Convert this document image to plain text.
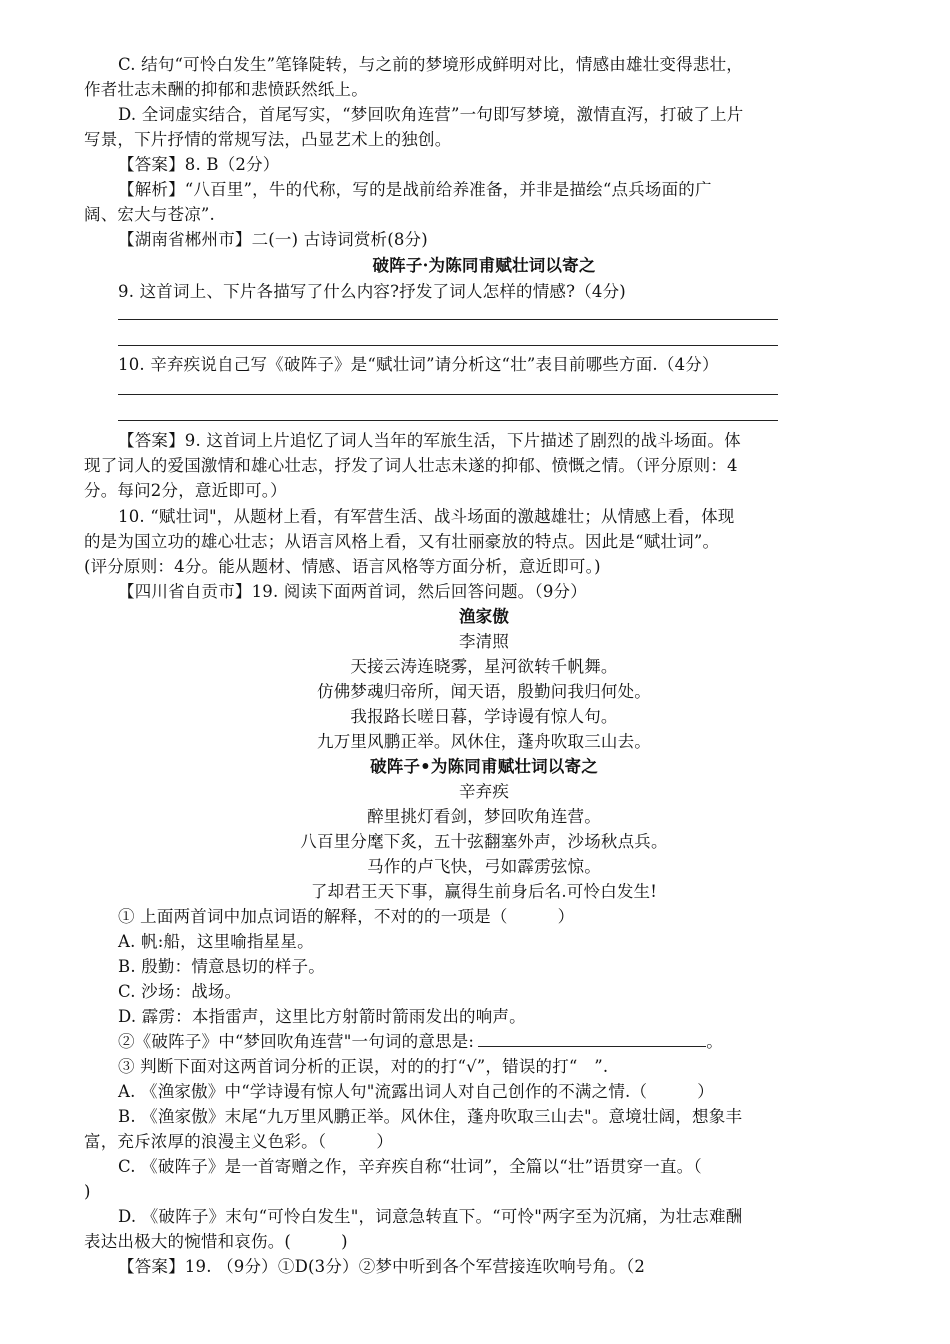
C. 结句“可怜白发生”笔锋陡转，与之前的梦境形成鲜明对比，情感由雄壮变得悲壮，
作者壮志未酬的抑郁和悲愤跃然纸上。
D. 全词虚实结合，首尾写实，“梦回吹角连营”一句即写梦境，激情直泻，打破了上片
写景，下片抒情的常规写法，凸显艺术上的独创。
【答案】8. B（2分）
【解析】“八百里”，牛的代称，写的是战前给养准备，并非是描绘“点兵场面的广
阔、宏大与苍凉”.
【湖南省郴州市】二(一) 古诗词赏析(8分)
破阵子·为陈同甫赋壮词以寄之
9. 这首词上、下片各描写了什么内容?抒发了词人怎样的情感?（4分)
10. 辛弃疾说自己写《破阵子》是“赋壮词”请分析这“壮”表目前哪些方面.（4分）
【答案】9. 这首词上片追忆了词人当年的军旅生活，下片描述了剧烈的战斗场面。体
现了词人的爱国激情和雄心壮志，抒发了词人壮志未遂的抑郁、愤慨之情。（评分原则：4
分。每问2分，意近即可。）
10. “赋壮词"，从题材上看，有军营生活、战斗场面的激越雄壮；从情感上看，体现
的是为国立功的雄心壮志；从语言风格上看，又有壮丽豪放的特点。因此是“赋壮词”。
(评分原则：4分。能从题材、情感、语言风格等方面分析，意近即可。)
【四川省自贡市】19. 阅读下面两首词，然后回答问题。（9分）
渔家傲
李清照
天接云涛连晓雾，星河欲转千帆舞。
仿佛梦魂归帝所，闻天语，殷勤问我归何处。
我报路长嗟日暮，学诗谩有惊人句。
九万里风鹏正举。风休住，蓬舟吹取三山去。
破阵子•为陈同甫赋壮词以寄之
辛弃疾
醉里挑灯看剑，梦回吹角连营。
八百里分麾下炙，五十弦翻塞外声，沙场秋点兵。
马作的卢飞快，弓如霹雳弦惊。
了却君王天下事，赢得生前身后名.可怜白发生!
① 上面两首词中加点词语的解释，不对的的一项是（　　　）
A. 帆:船，这里喻指星星。
B. 殷勤：情意恳切的样子。
C. 沙场：战场。
D. 霹雳：本指雷声，这里比方射箭时箭雨发出的响声。
②《破阵子》中“梦回吹角连营"一句词的意思是:	。
③ 判断下面对这两首词分析的正误，对的的打“√”，错误的打“　”.
A. 《渔家傲》中“学诗谩有惊人句"流露出词人对自己创作的不满之情.（　　　）
B. 《渔家傲》末尾“九万里风鹏正举。风休住，蓬舟吹取三山去"。意境壮阔，想象丰
富，充斥浓厚的浪漫主义色彩。（　　　）
C. 《破阵子》是一首寄赠之作，辛弃疾自称“壮词”，全篇以“壮”语贯穿一直。（
)
D. 《破阵子》末句“可怜白发生"，词意急转直下。“可怜"两字至为沉痛，为壮志难酬
表达出极大的惋惜和哀伤。(　　　)
【答案】19. （9分）①D(3分）②梦中听到各个军营接连吹响号角。（2
